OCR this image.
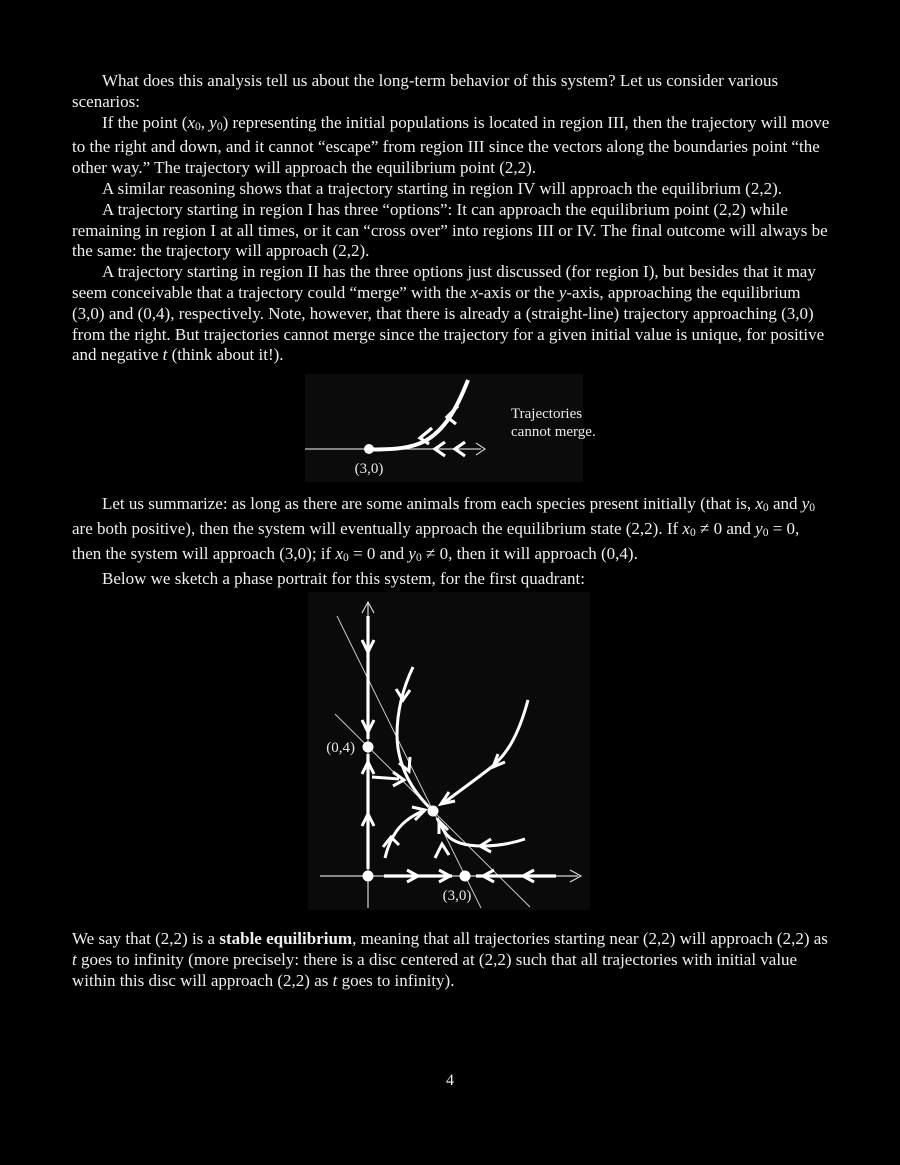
What does this analysis tell us about the long-term behavior of this system? Let us consider various scenarios:

If the point (x0, y0) representing the initial populations is located in region III, then the trajectory will move to the right and down, and it cannot “escape” from region III since the vectors along the boundaries point “the other way.” The trajectory will approach the equilibrium point (2,2).

A similar reasoning shows that a trajectory starting in region IV will approach the equilibrium (2,2).

A trajectory starting in region I has three “options”: It can approach the equilibrium point (2,2) while remaining in region I at all times, or it can “cross over” into regions III or IV. The final outcome will always be the same: the trajectory will approach (2,2).

A trajectory starting in region II has the three options just discussed (for region I), but besides that it may seem conceivable that a trajectory could “merge” with the x-axis or the y-axis, approaching the equilibrium (3,0) and (0,4), respectively. Note, however, that there is already a (straight-line) trajectory approaching (3,0) from the right. But trajectories cannot merge since the trajectory for a given initial value is unique, for positive and negative t (think about it!).

(3,0)
Trajectories
cannot merge.

Let us summarize: as long as there are some animals from each species present initially (that is, x0 and y0 are both positive), then the system will eventually approach the equilibrium state (2,2). If x0 ≠ 0 and y0 = 0, then the system will approach (3,0); if x0 = 0 and y0 ≠ 0, then it will approach (0,4).

Below we sketch a phase portrait for this system, for the first quadrant:

(0,4)
(3,0)

We say that (2,2) is a stable equilibrium, meaning that all trajectories starting near (2,2) will approach (2,2) as t goes to infinity (more precisely: there is a disc centered at (2,2) such that all trajectories with initial value within this disc will approach (2,2) as t goes to infinity).

4
